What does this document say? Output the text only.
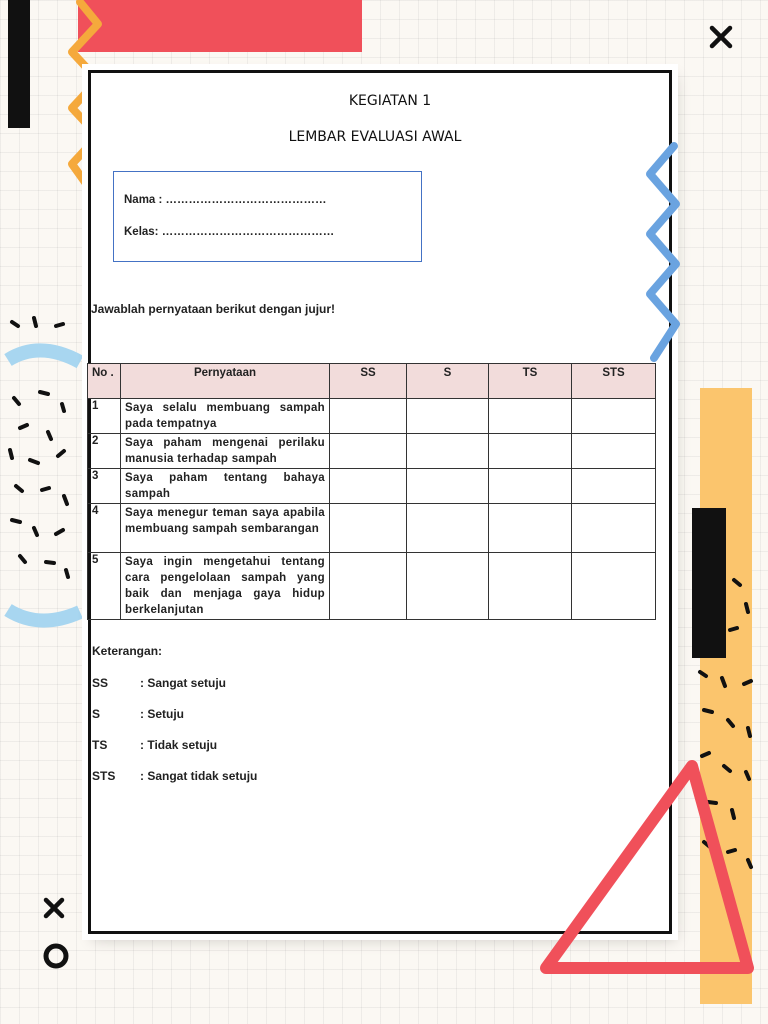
KEGIATAN 1
LEMBAR EVALUASI AWAL
Nama : ……………………………………
Kelas: ………………………………………
Jawablah pernyataan berikut dengan jujur!
No .	Pernyataan	SS	S	TS	STS
1	Saya selalu membuang sampah pada tempatnya				
2	Saya paham mengenai perilaku manusia terhadap sampah				
3	Saya paham tentang bahaya sampah				
4	Saya menegur teman saya apabila membuang sampah sembarangan				
5	Saya ingin mengetahui tentang cara pengelolaan sampah yang baik dan menjaga gaya hidup berkelanjutan				
Keterangan:
SS	: Sangat setuju
S	: Setuju
TS	: Tidak setuju
STS : Sangat tidak setuju
